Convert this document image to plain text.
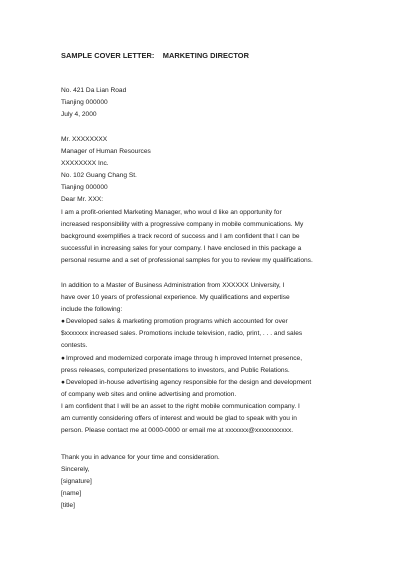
SAMPLE COVER LETTER:    MARKETING DIRECTOR
No. 421 Da Lian Road
Tianjing 000000
July 4, 2000
Mr. XXXXXXXX
Manager of Human Resources
XXXXXXXX Inc.
No. 102 Guang Chang St.
Tianjing 000000
Dear Mr. XXX:
I am a profit-oriented Marketing Manager, who woul d like an opportunity for
increased responsibility with a progressive company in mobile communications. My
background exemplifies a track record of success and I am confident that I can be
successful in increasing sales for your company. I have enclosed in this package a
personal resume and a set of professional samples for you to review my qualifications.
In addition to a Master of Business Administration from XXXXXX University, I
have over 10 years of professional experience. My qualifications and expertise
include the following:
●Developed sales & marketing promotion programs which accounted for over
$xxxxxxx increased sales. Promotions include television, radio, print, . . . and sales
contests.
●Improved and modernized corporate image throug h improved Internet presence,
press releases, computerized presentations to investors, and Public Relations.
●Developed in-house advertising agency responsible for the design and development
of company web sites and online advertising and promotion.
I am confident that I will be an asset to the right mobile communication company. I
am currently considering offers of interest and would be glad to speak with you in
person. Please contact me at 0000-0000 or email me at xxxxxxx@xxxxxxxxxxx.
Thank you in advance for your time and consideration.
Sincerely,
[signature]
[name]
[title]
